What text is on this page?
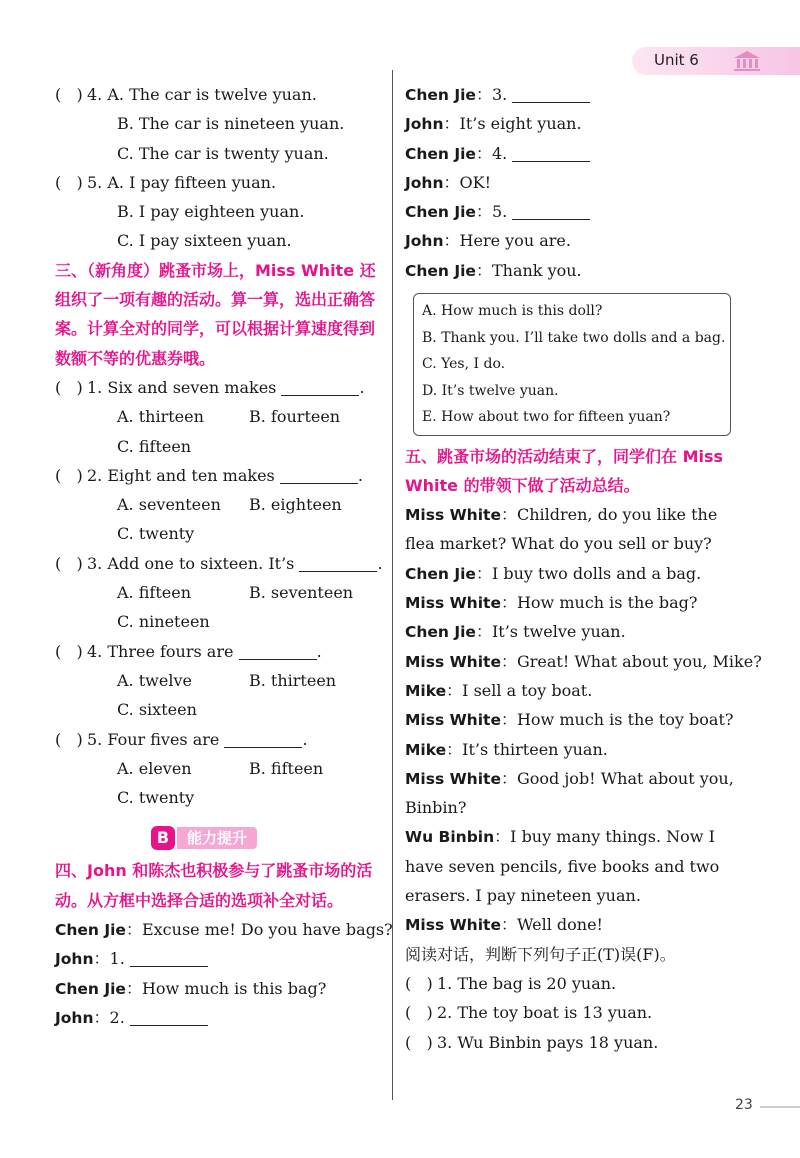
Unit 6
(   ) 4. A. The car is twelve yuan.
B. The car is nineteen yuan.
C. The car is twenty yuan.
(   ) 5. A. I pay fifteen yuan.
B. I pay eighteen yuan.
C. I pay sixteen yuan.
三、（新角度）跳蚤市场上，Miss White 还组织了一项有趣的活动。算一算，选出正确答案。计算全对的同学，可以根据计算速度得到数额不等的优惠券哦。
(   ) 1. Six and seven makes	.
A. thirteen	B. fourteen
C. fifteen
(   ) 2. Eight and ten makes	.
A. seventeen B. eighteen
C. twenty
(   ) 3. Add one to sixteen. It’s	.
A. fifteen	B. seventeen
C. nineteen
(   ) 4. Three fours are	.
A. twelve	B. thirteen
C. sixteen
(   ) 5. Four fives are	.
A. eleven	B. fifteen
C. twenty
B	能力提升
四、John 和陈杰也积极参与了跳蚤市场的活动。从方框中选择合适的选项补全对话。
Chen Jie：Excuse me! Do you have bags?
John：1.
Chen Jie：How much is this bag?
John：2.
Chen Jie：3.
John：It’s eight yuan.
Chen Jie：4.
John：OK!
Chen Jie：5.
John：Here you are.
Chen Jie：Thank you.
A. How much is this doll?
B. Thank you. I’ll take two dolls and a bag.
C. Yes, I do.
D. It’s twelve yuan.
E. How about two for fifteen yuan?
五、跳蚤市场的活动结束了，同学们在 Miss White 的带领下做了活动总结。
Miss White：Children, do you like the
flea market? What do you sell or buy?
Chen Jie：I buy two dolls and a bag.
Miss White：How much is the bag?
Chen Jie：It’s twelve yuan.
Miss White：Great! What about you, Mike?
Mike：I sell a toy boat.
Miss White：How much is the toy boat?
Mike：It’s thirteen yuan.
Miss White：Good job! What about you,
Binbin?
Wu Binbin：I buy many things. Now I
have seven pencils, five books and two
erasers. I pay nineteen yuan.
Miss White：Well done!
阅读对话，判断下列句子正(T)误(F)。
(   ) 1. The bag is 20 yuan.
(   ) 2. The toy boat is 13 yuan.
(   ) 3. Wu Binbin pays 18 yuan.
23
